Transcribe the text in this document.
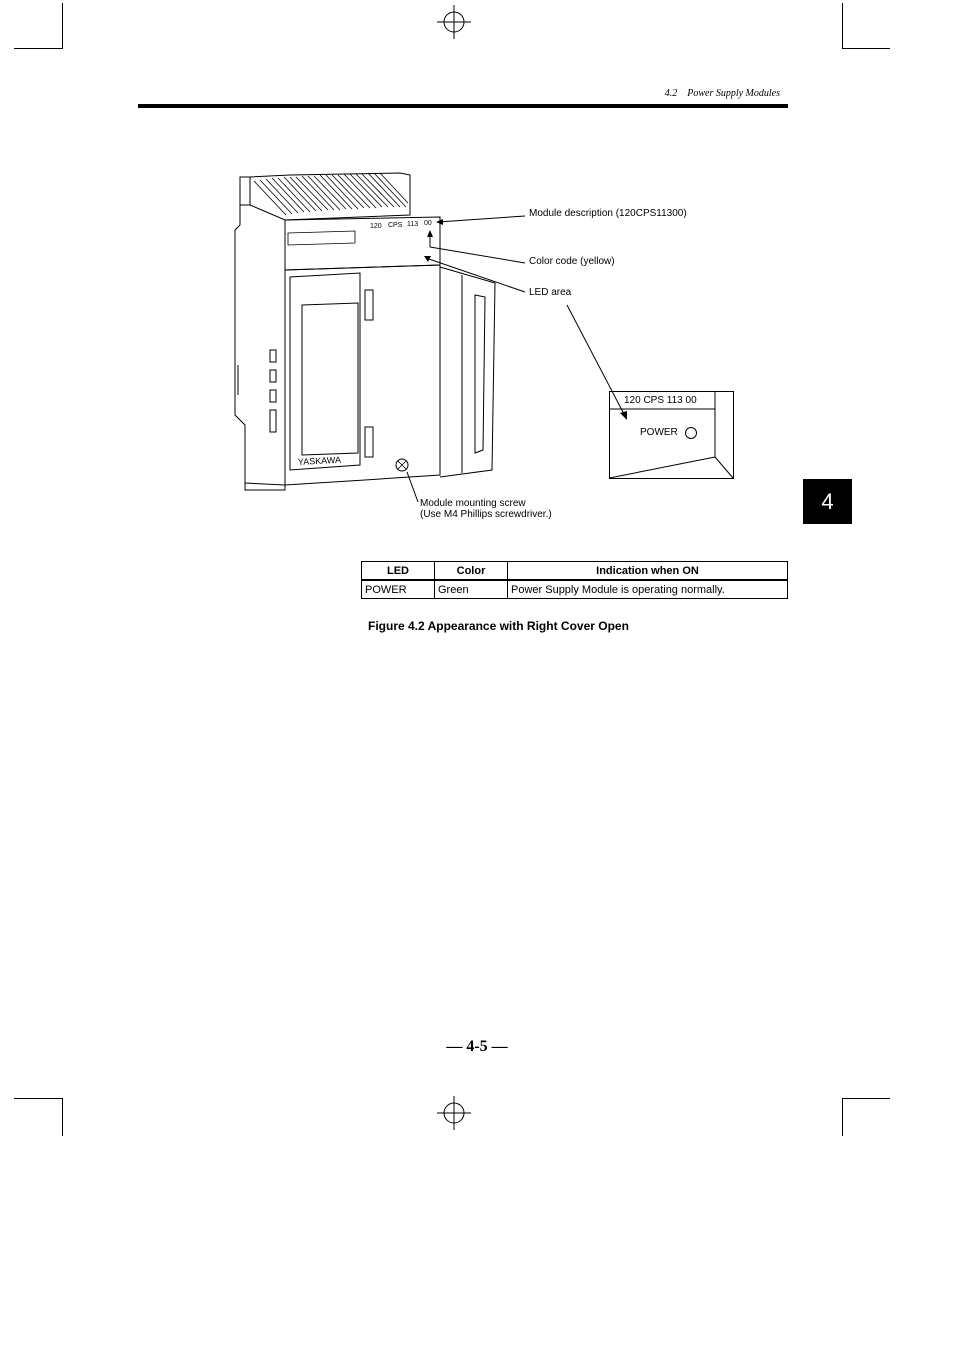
4.2 Power Supply Modules
120 CPS 113 00
YASKAWA
Module description (120CPS11300)
Color code (yellow)
LED area
Module mounting screw
(Use M4 Phillips screwdriver.)
120 CPS 113 00
POWER
4
LED	Color	Indication when ON
POWER	Green	Power Supply Module is operating normally.
Figure 4.2 Appearance with Right Cover Open
— 4-5 —
